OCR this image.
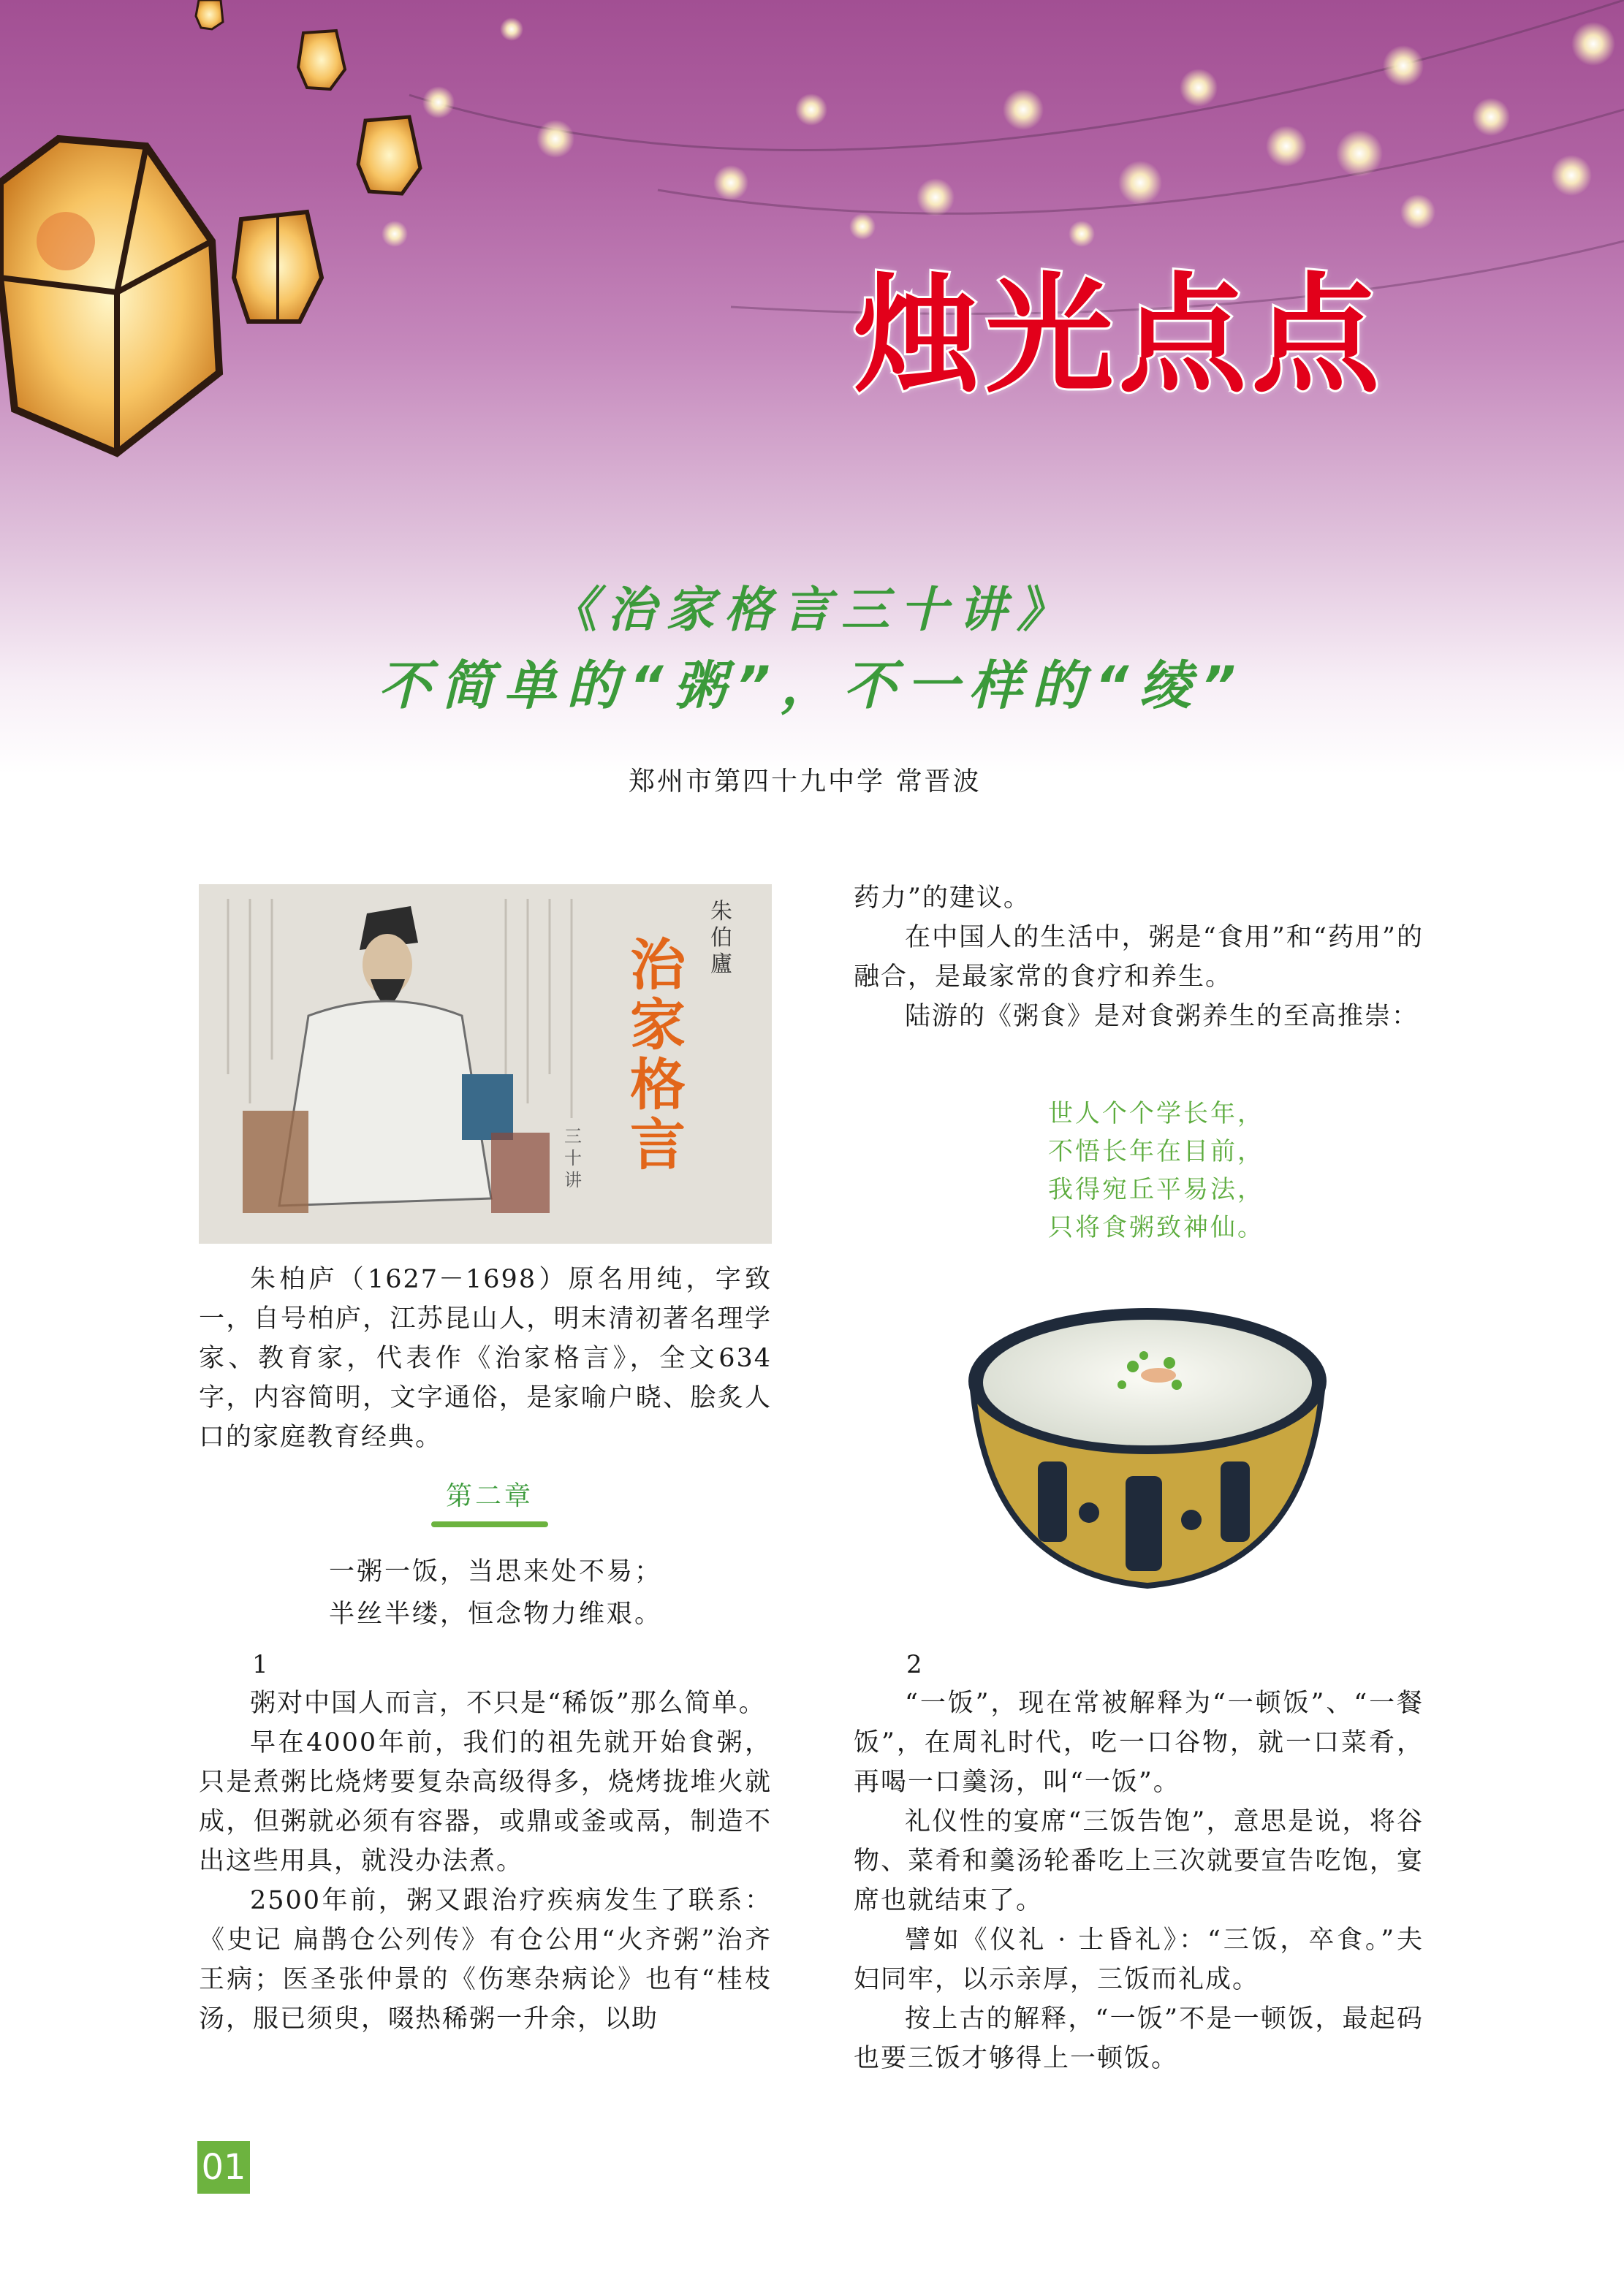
烛光点点
《治家格言三十讲》
不简单的“粥”，不一样的“绫”
郑州市第四十九中学 常晋波
朱伯廬
治家格言
三十讲

朱柏庐（1627－1698）原名用纯，字致一，自号柏庐，江苏昆山人，明末清初著名理学家、教育家，代表作《治家格言》，全文634字，内容简明，文字通俗，是家喻户晓、脍炙人口的家庭教育经典。

第二章
一粥一饭，当思来处不易；
半丝半缕，恒念物力维艰。
1

粥对中国人而言，不只是“稀饭”那么简单。

早在4000年前，我们的祖先就开始食粥，只是煮粥比烧烤要复杂高级得多，烧烤拢堆火就成，但粥就必须有容器，或鼎或釜或鬲，制造不出这些用具，就没办法煮。

2500年前，粥又跟治疗疾病发生了联系：《史记 扁鹊仓公列传》有仓公用“火齐粥”治齐王病；医圣张仲景的《伤寒杂病论》也有“桂枝汤，服已须臾，啜热稀粥一升余，以助

药力”的建议。

在中国人的生活中，粥是“食用”和“药用”的融合，是最家常的食疗和养生。

陆游的《粥食》是对食粥养生的至高推崇：

世人个个学长年，
不悟长年在目前，
我得宛丘平易法，
只将食粥致神仙。
2

“一饭”，现在常被解释为“一顿饭”、“一餐饭”，在周礼时代，吃一口谷物，就一口菜肴，再喝一口羹汤，叫“一饭”。

礼仪性的宴席“三饭告饱”，意思是说，将谷物、菜肴和羹汤轮番吃上三次就要宣告吃饱，宴席也就结束了。

譬如《仪礼 · 士昏礼》：“三饭，卒食。”夫妇同牢，以示亲厚，三饭而礼成。

按上古的解释，“一饭”不是一顿饭，最起码也要三饭才够得上一顿饭。

01
